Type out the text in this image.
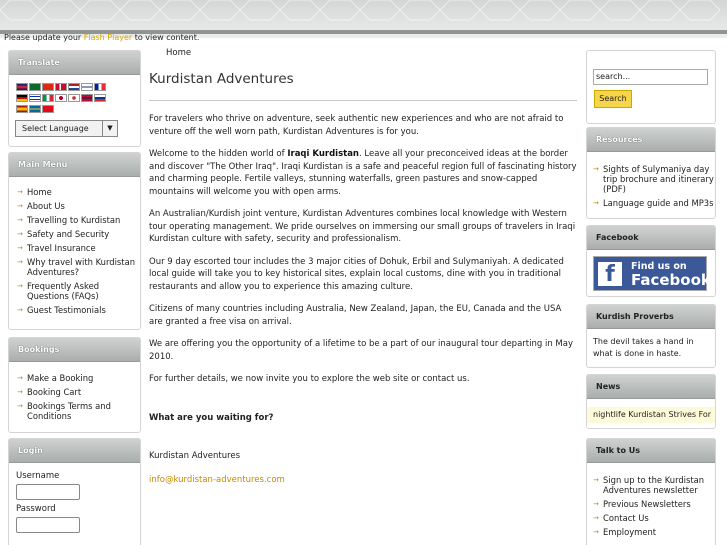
Please update your Flash Player to view content.
Translate
Select Language	▼
Main Menu
→ Home
→ About Us
→ Travelling to Kurdistan
→ Safety and Security
→ Travel Insurance
→ Why travel with Kurdistan Adventures?
→ Frequently Asked Questions (FAQs)
→ Guest Testimonials
Bookings
→ Make a Booking
→ Booking Cart
→ Bookings Terms and Conditions
Login
Username
Password
Home
Kurdistan Adventures

For travelers who thrive on adventure, seek authentic new experiences and who are not afraid to venture off the well worn path, Kurdistan Adventures is for you.

Welcome to the hidden world of Iraqi Kurdistan. Leave all your preconceived ideas at the border and discover "The Other Iraq". Iraqi Kurdistan is a safe and peaceful region full of fascinating history and charming people. Fertile valleys, stunning waterfalls, green pastures and snow-capped mountains will welcome you with open arms.

An Australian/Kurdish joint venture, Kurdistan Adventures combines local knowledge with Western tour operating management. We pride ourselves on immersing our small groups of travelers in Iraqi Kurdistan culture with safety, security and professionalism.

Our 9 day escorted tour includes the 3 major cities of Dohuk, Erbil and Sulymaniyah. A dedicated local guide will take you to key historical sites, explain local customs, dine with you in traditional restaurants and allow you to experience this amazing culture.

Citizens of many countries including Australia, New Zealand, Japan, the EU, Canada and the USA are granted a free visa on arrival.

We are offering you the opportunity of a lifetime to be a part of our inaugural tour departing in May 2010.

For further details, we now invite you to explore the web site or contact us.

What are you waiting for?

Kurdistan Adventures

info@kurdistan-adventures.com

search...
Search
Resources
→ Sights of Sulymaniya day trip brochure and itinerary (PDF)
→ Language guide and MP3s
Facebook
f	Find us on
Facebook
Kurdish Proverbs

The devil takes a hand in what is done in haste.

News
nightlife Kurdistan Strives For
Talk to Us
→ Sign up to the Kurdistan Adventures newsletter
→ Previous Newsletters
→ Contact Us
→ Employment
